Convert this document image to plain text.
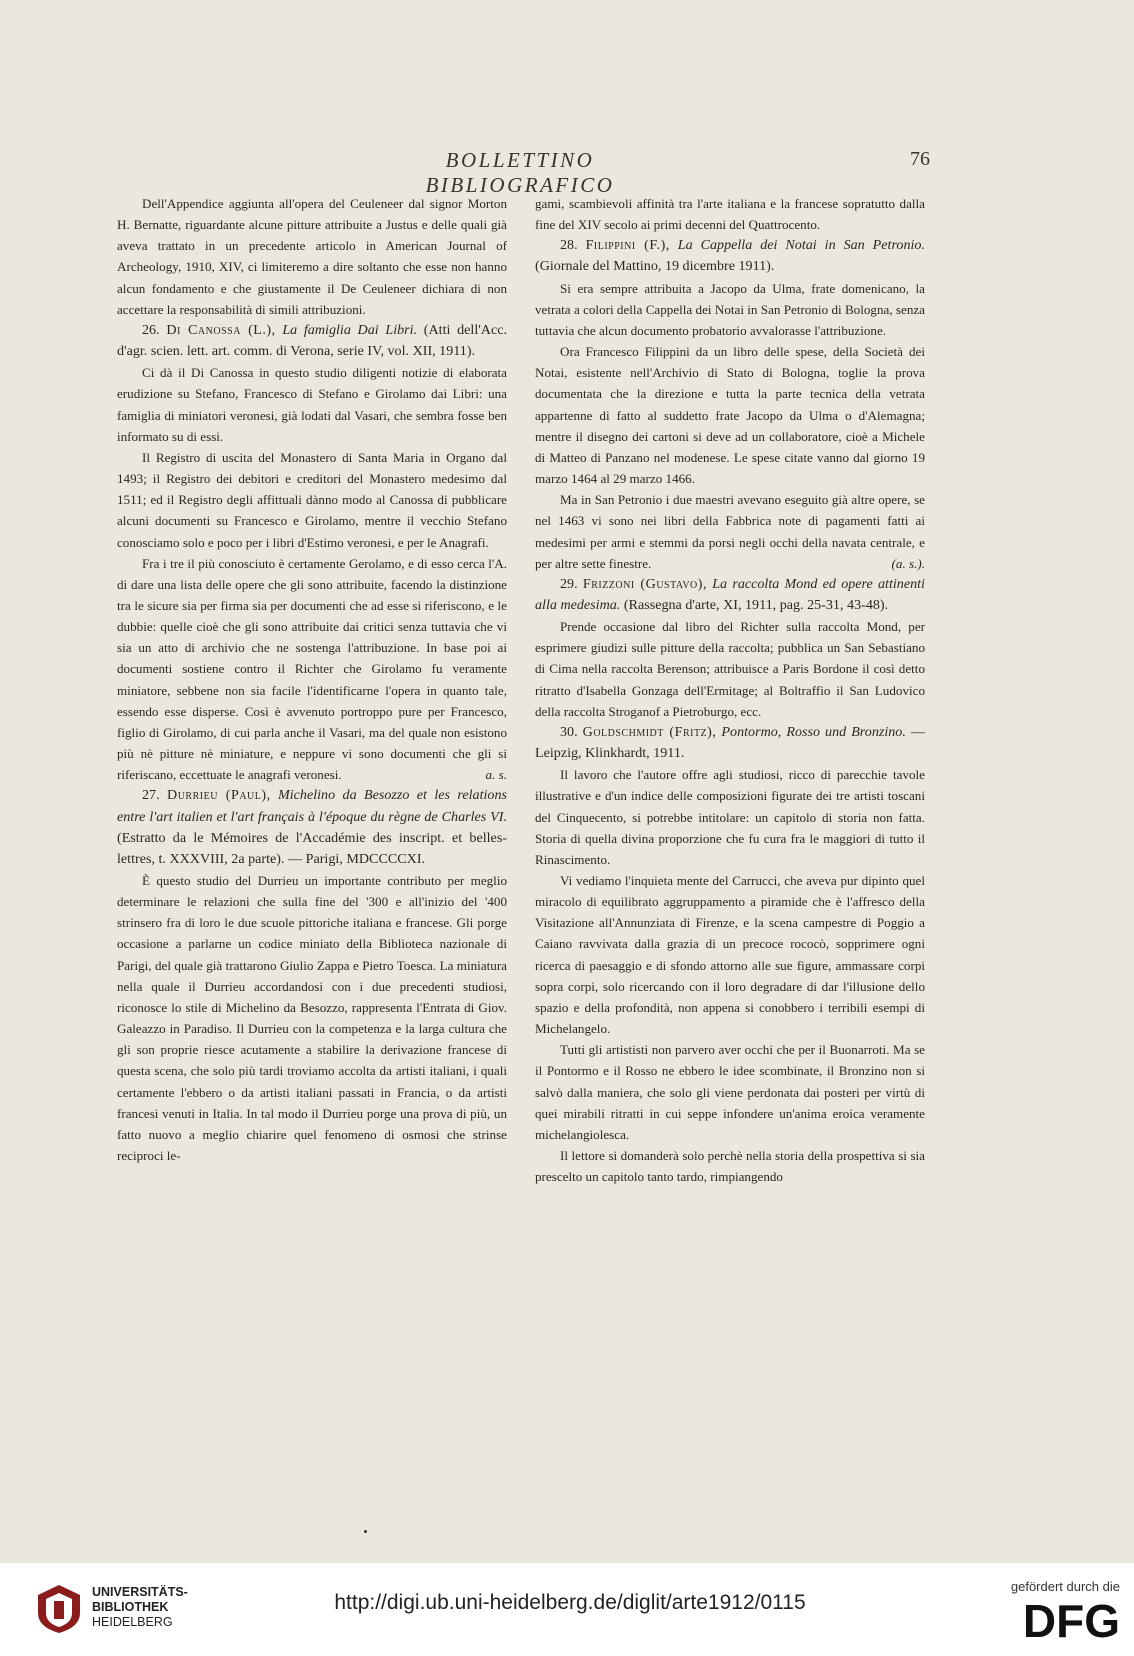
BOLLETTINO BIBLIOGRAFICO
76

Dell'Appendice aggiunta all'opera del Ceuleneer dal signor Morton H. Bernatte, riguardante alcune pitture attribuite a Justus e delle quali già aveva trattato in un precedente articolo in American Journal of Archeology, 1910, XIV, ci limiteremo a dire soltanto che esse non hanno alcun fondamento e che giustamente il De Ceuleneer dichiara di non accettare la responsabilità di simili attribuzioni.

26. Di Canossa (L.), La famiglia Dai Libri. (Atti dell'Acc. d'agr. scien. lett. art. comm. di Verona, serie IV, vol. XII, 1911).

Ci dà il Di Canossa in questo studio diligenti notizie di elaborata erudizione su Stefano, Francesco di Stefano e Girolamo dai Libri: una famiglia di miniatori veronesi, già lodati dal Vasari, che sembra fosse ben informato su di essi.

Il Registro di uscita del Monastero di Santa Maria in Organo dal 1493; il Registro dei debitori e creditori del Monastero medesimo dal 1511; ed il Registro degli affittuali dànno modo al Canossa di pubblicare alcuni documenti su Francesco e Girolamo, mentre il vecchio Stefano conosciamo solo e poco per i libri d'Estimo veronesi, e per le Anagrafi.

Fra i tre il più conosciuto è certamente Gerolamo, e di esso cerca l'A. di dare una lista delle opere che gli sono attribuite, facendo la distinzione tra le sicure sia per firma sia per documenti che ad esse si riferiscono, e le dubbie: quelle cioè che gli sono attribuite dai critici senza tuttavia che vi sia un atto di archivio che ne sostenga l'attribuzione. In base poi ai documenti sostiene contro il Richter che Girolamo fu veramente miniatore, sebbene non sia facile l'identificarne l'opera in quanto tale, essendo esse disperse. Così è avvenuto portroppo pure per Francesco, figlio di Girolamo, di cui parla anche il Vasari, ma del quale non esistono più nè pitture nè miniature, e neppure vi sono documenti che gli si riferiscano, eccettuate le anagrafi veronesi.	a. s.

27. Durrieu (Paul), Michelino da Besozzo et les relations entre l'art italien et l'art français à l'époque du règne de Charles VI. (Estratto da le Mémoires de l'Accadémie des inscript. et belles-lettres, t. XXXVIII, 2a parte). — Parigi, MDCCCCXI.

È questo studio del Durrieu un importante contributo per meglio determinare le relazioni che sulla fine del '300 e all'inizio del '400 strinsero fra di loro le due scuole pittoriche italiana e francese. Gli porge occasione a parlarne un codice miniato della Biblioteca nazionale di Parigi, del quale già trattarono Giulio Zappa e Pietro Toesca. La miniatura nella quale il Durrieu accordandosi con i due precedenti studiosi, riconosce lo stile di Michelino da Besozzo, rappresenta l'Entrata di Giov. Galeazzo in Paradiso. Il Durrieu con la competenza e la larga cultura che gli son proprie riesce acutamente a stabilire la derivazione francese di questa scena, che solo più tardi troviamo accolta da artisti italiani, i quali certamente l'ebbero o da artisti italiani passati in Francia, o da artisti francesi venuti in Italia. In tal modo il Durrieu porge una prova di più, un fatto nuovo a meglio chiarire quel fenomeno di osmosi che strinse reciproci le-

gami, scambievoli affinità tra l'arte italiana e la francese sopratutto dalla fine del XIV secolo ai primi decenni del Quattrocento.

28. Filippini (F.), La Cappella dei Notai in San Petronio. (Giornale del Mattino, 19 dicembre 1911).

Si era sempre attribuita a Jacopo da Ulma, frate domenicano, la vetrata a colori della Cappella dei Notai in San Petronio di Bologna, senza tuttavia che alcun documento probatorio avvalorasse l'attribuzione.

Ora Francesco Filippini da un libro delle spese, della Società dei Notai, esistente nell'Archivio di Stato di Bologna, toglie la prova documentata che la direzione e tutta la parte tecnica della vetrata appartenne di fatto al suddetto frate Jacopo da Ulma o d'Alemagna; mentre il disegno dei cartoni si deve ad un collaboratore, cioè a Michele di Matteo di Panzano nel modenese. Le spese citate vanno dal giorno 19 marzo 1464 al 29 marzo 1466.

Ma in San Petronio i due maestri avevano eseguito già altre opere, se nel 1463 vi sono nei libri della Fabbrica note di pagamenti fatti ai medesimi per armi e stemmi da porsi negli occhi della navata centrale, e per altre sette finestre.	(a. s.).

29. Frizzoni (Gustavo), La raccolta Mond ed opere attinenti alla medesima. (Rassegna d'arte, XI, 1911, pag. 25-31, 43-48).

Prende occasione dal libro del Richter sulla raccolta Mond, per esprimere giudizi sulle pitture della raccolta; pubblica un San Sebastiano di Cima nella raccolta Berenson; attribuisce a Paris Bordone il così detto ritratto d'Isabella Gonzaga dell'Ermitage; al Boltraffio il San Ludovico della raccolta Stroganof a Pietroburgo, ecc.

30. Goldschmidt (Fritz), Pontormo, Rosso und Bronzino. — Leipzig, Klinkhardt, 1911.

Il lavoro che l'autore offre agli studiosi, ricco di parecchie tavole illustrative e d'un indice delle composizioni figurate dei tre artisti toscani del Cinquecento, si potrebbe intitolare: un capitolo di storia non fatta. Storia di quella divina proporzione che fu cura fra le maggiori di tutto il Rinascimento.

Vi vediamo l'inquieta mente del Carrucci, che aveva pur dipinto quel miracolo di equilibrato aggruppamento a piramide che è l'affresco della Visitazione all'Annunziata di Firenze, e la scena campestre di Poggio a Caiano ravvivata dalla grazia di un precoce rococò, sopprimere ogni ricerca di paesaggio e di sfondo attorno alle sue figure, ammassare corpi sopra corpi, solo ricercando con il loro degradare di dar l'illusione dello spazio e della profondità, non appena si conobbero i terribili esempi di Michelangelo.

Tutti gli artististi non parvero aver occhi che per il Buonarroti. Ma se il Pontormo e il Rosso ne ebbero le idee scombinate, il Bronzino non si salvò dalla maniera, che solo gli viene perdonata dai posteri per virtù di quei mirabili ritratti in cui seppe infondere un'anima eroica veramente michelangiolesca.

Il lettore si domanderà solo perchè nella storia della prospettiva si sia prescelto un capitolo tanto tardo, rimpiangendo

UNIVERSITÄTS-
BIBLIOTHEK
HEIDELBERG
http://digi.ub.uni-heidelberg.de/diglit/arte1912/0115
gefördert durch die
DFG
